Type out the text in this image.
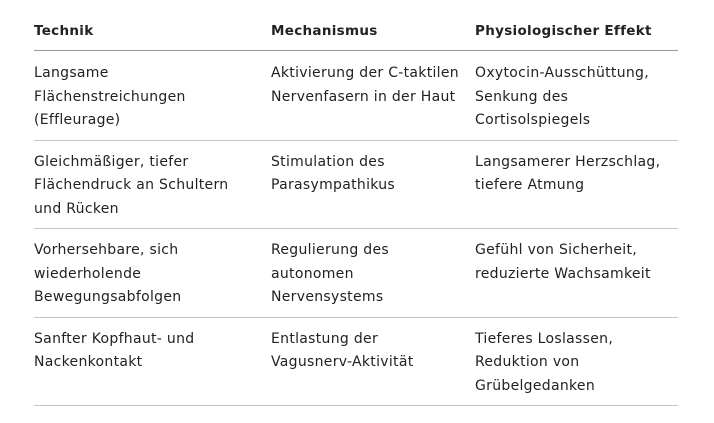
Technik	Mechanismus	Physiologischer Effekt
Langsame Flächenstreichungen (Effleurage)	Aktivierung der C-taktilen Nervenfasern in der Haut	Oxytocin-Ausschüttung, Senkung des Cortisolspiegels
Gleichmäßiger, tiefer Flächendruck an Schultern und Rücken	Stimulation des Parasympathikus	Langsamerer Herzschlag, tiefere Atmung
Vorhersehbare, sich wiederholende Bewegungsabfolgen	Regulierung des autonomen Nervensystems	Gefühl von Sicherheit, reduzierte Wachsamkeit
Sanfter Kopfhaut- und Nackenkontakt	Entlastung der Vagusnerv-Aktivität	Tieferes Loslassen, Reduktion von Grübelgedanken
